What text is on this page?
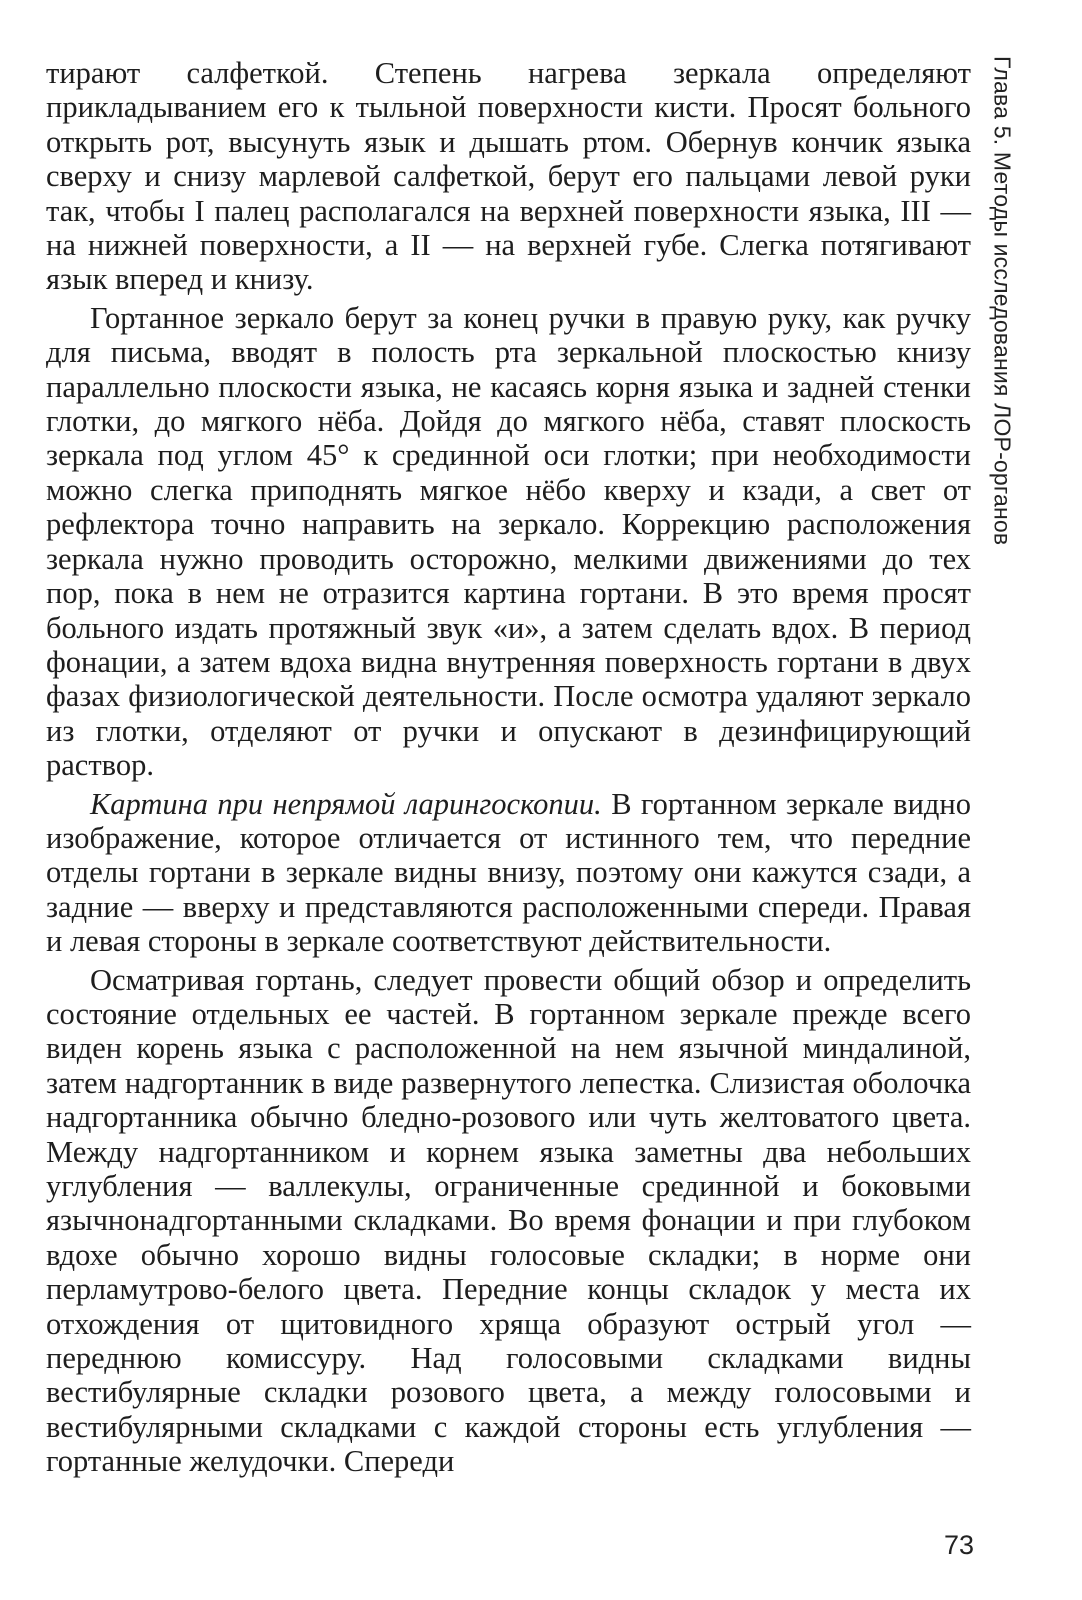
тирают салфеткой. Степень нагрева зеркала определяют прикладыванием его к тыльной поверхности кисти. Просят больного открыть рот, высунуть язык и дышать ртом. Обернув кончик языка сверху и снизу марлевой салфеткой, берут его пальцами левой руки так, чтобы I палец располагался на верхней поверхности языка, III — на нижней поверхности, а II — на верхней губе. Слегка потягивают язык вперед и книзу.

Гортанное зеркало берут за конец ручки в правую руку, как ручку для письма, вводят в полость рта зеркальной плоскостью книзу параллельно плоскости языка, не касаясь корня языка и задней стенки глотки, до мягкого нёба. Дойдя до мягкого нёба, ставят плоскость зеркала под углом 45° к срединной оси глотки; при необходимости можно слегка приподнять мягкое нёбо кверху и кзади, а свет от рефлектора точно направить на зеркало. Коррекцию расположения зеркала нужно проводить осторожно, мелкими движениями до тех пор, пока в нем не отразится картина гортани. В это время просят больного издать протяжный звук «и», а затем сделать вдох. В период фонации, а затем вдоха видна внутренняя поверхность гортани в двух фазах физиологической деятельности. После осмотра удаляют зеркало из глотки, отделяют от ручки и опускают в дезинфицирующий раствор.

Картина при непрямой ларингоскопии. В гортанном зеркале видно изображение, которое отличается от истинного тем, что передние отделы гортани в зеркале видны внизу, поэтому они кажутся сзади, а задние — вверху и представляются расположенными спереди. Правая и левая стороны в зеркале соответствуют действительности.

Осматривая гортань, следует провести общий обзор и определить состояние отдельных ее частей. В гортанном зеркале прежде всего виден корень языка с расположенной на нем язычной миндалиной, затем надгортанник в виде развернутого лепестка. Слизистая оболочка надгортанника обычно бледно-розового или чуть желтоватого цвета. Между надгортанником и корнем языка заметны два небольших углубления — валлекулы, ограниченные срединной и боковыми язычнонадгортанными складками. Во время фонации и при глубоком вдохе обычно хорошо видны голосовые складки; в норме они перламутрово-белого цвета. Передние концы складок у места их отхождения от щитовидного хряща образуют острый угол — переднюю комиссуру. Над голосовыми складками видны вестибулярные складки розового цвета, а между голосовыми и вестибулярными складками с каждой стороны есть углубления — гортанные желудочки. Спереди

Глава 5. Методы исследования ЛОР-органов
73
